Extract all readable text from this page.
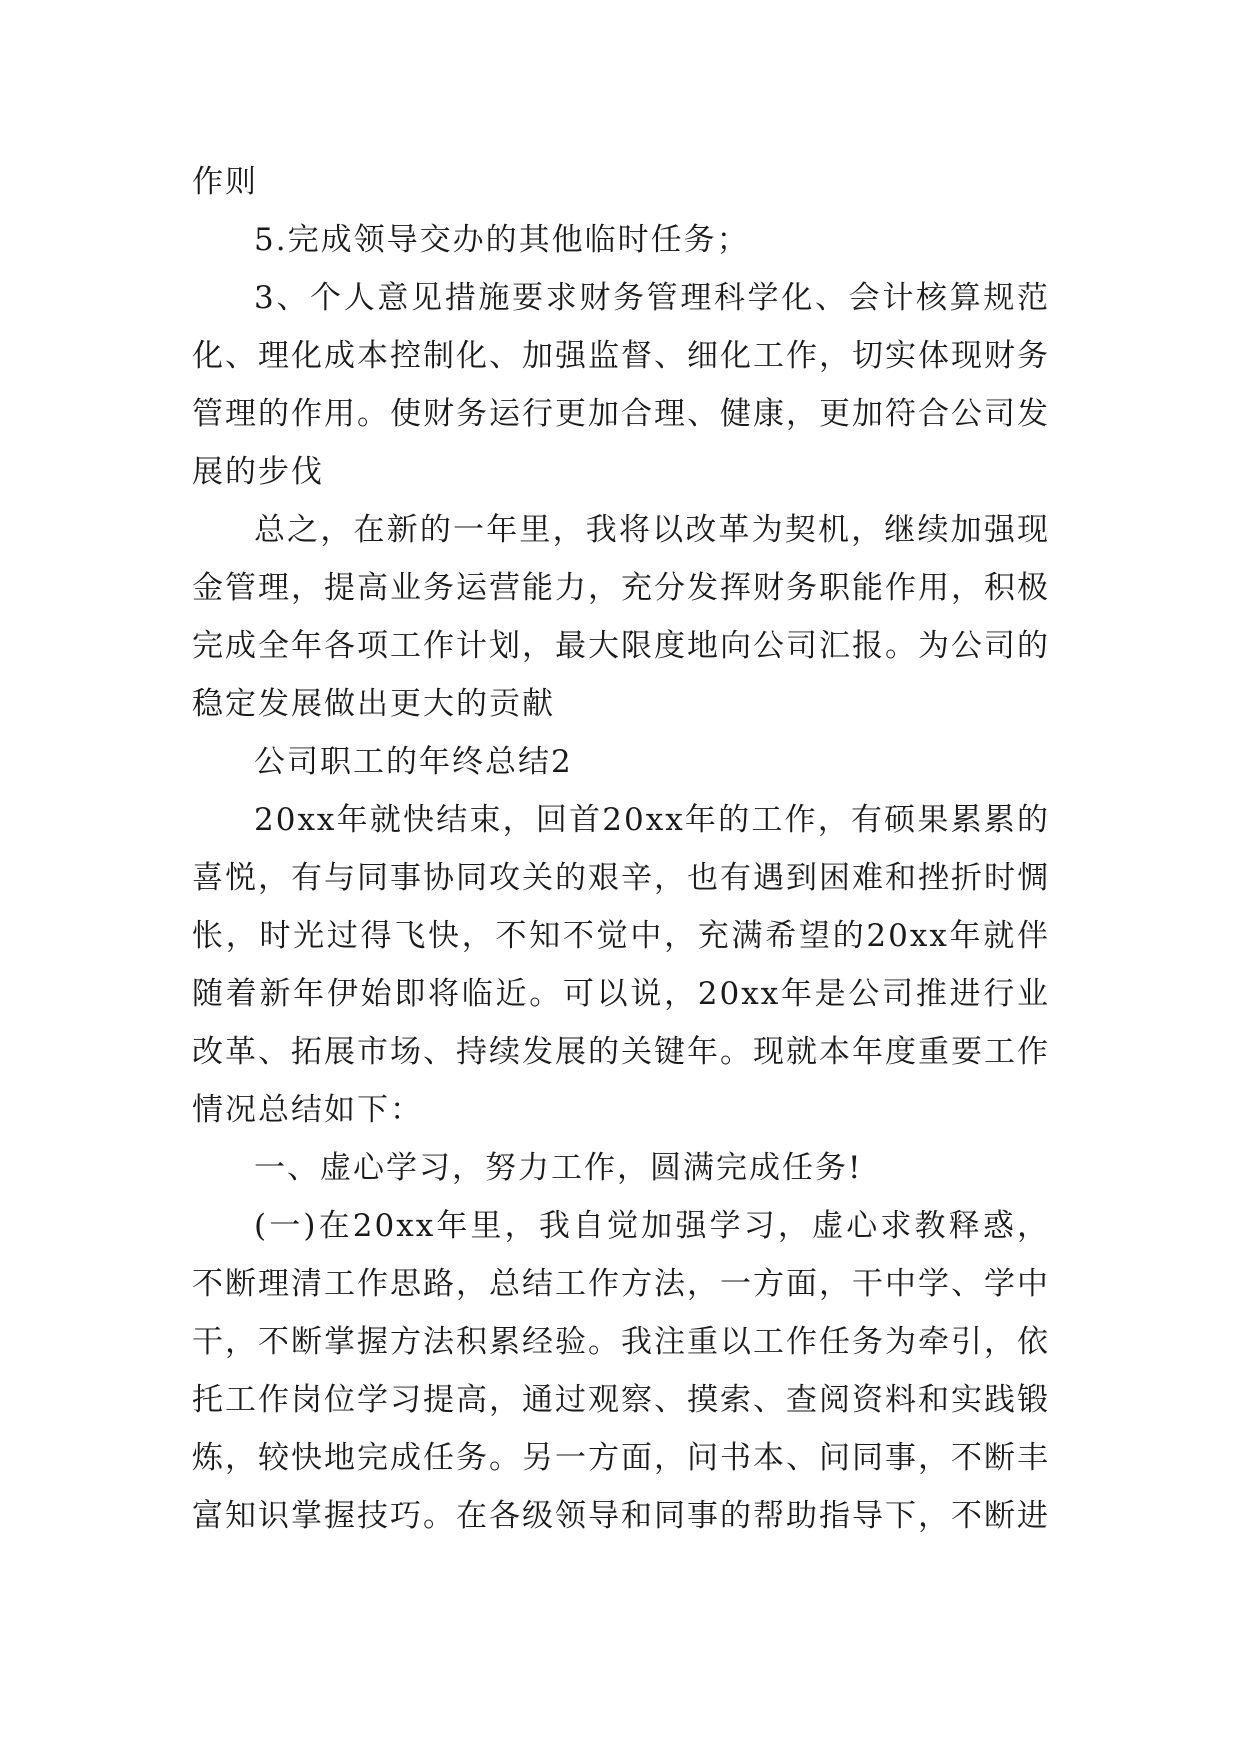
作则

5.完成领导交办的其他临时任务；

3、个人意见措施要求财务管理科学化、会计核算规范化、理化成本控制化、加强监督、细化工作，切实体现财务管理的作用。使财务运行更加合理、健康，更加符合公司发展的步伐

总之，在新的一年里，我将以改革为契机，继续加强现金管理，提高业务运营能力，充分发挥财务职能作用，积极完成全年各项工作计划，最大限度地向公司汇报。为公司的稳定发展做出更大的贡献

公司职工的年终总结2

20xx年就快结束，回首20xx年的工作，有硕果累累的喜悦，有与同事协同攻关的艰辛，也有遇到困难和挫折时惆怅，时光过得飞快，不知不觉中，充满希望的20xx年就伴随着新年伊始即将临近。可以说，20xx年是公司推进行业改革、拓展市场、持续发展的关键年。现就本年度重要工作情况总结如下：

一、虚心学习，努力工作，圆满完成任务!

(一)在20xx年里，我自觉加强学习，虚心求教释惑，不断理清工作思路，总结工作方法，一方面，干中学、学中干，不断掌握方法积累经验。我注重以工作任务为牵引，依托工作岗位学习提高，通过观察、摸索、查阅资料和实践锻炼，较快地完成任务。另一方面，问书本、问同事，不断丰富知识掌握技巧。在各级领导和同事的帮助指导下，不断进
